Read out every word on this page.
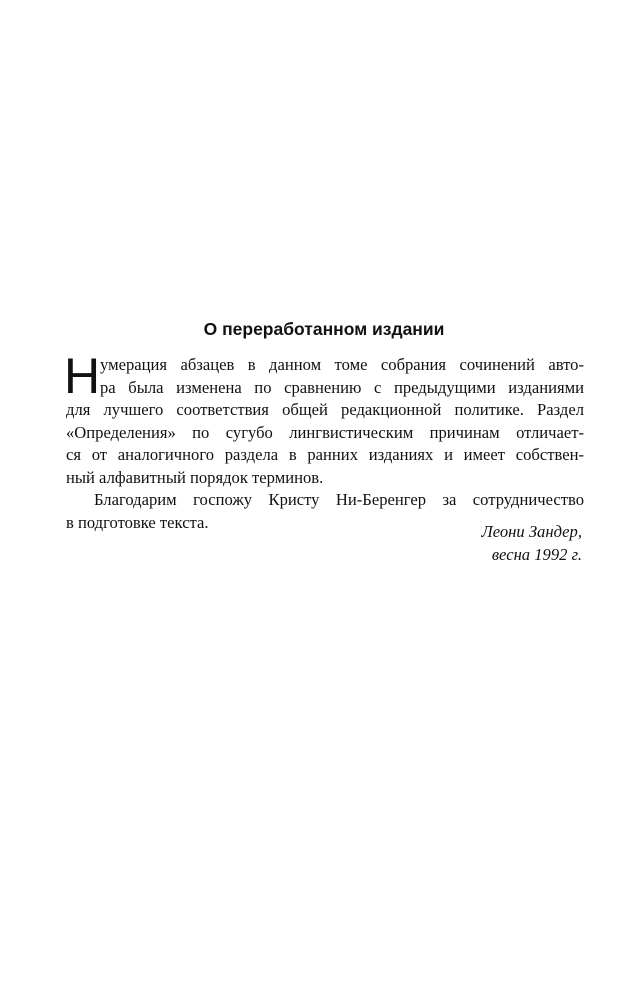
О переработанном издании
Н умерация абзацев в данном томе собрания сочинений авто-
ра была изменена по сравнению с предыдущими изданиями
для лучшего соответствия общей редакционной политике. Раздел
«Определения» по сугубо лингвистическим причинам отличает-
ся от аналогичного раздела в ранних изданиях и имеет собствен-
ный алфавитный порядок терминов.
Благодарим госпожу Кристу Ни-Беренгер за сотрудничество
в подготовке текста.	Леони Зандер,
весна 1992 г.
